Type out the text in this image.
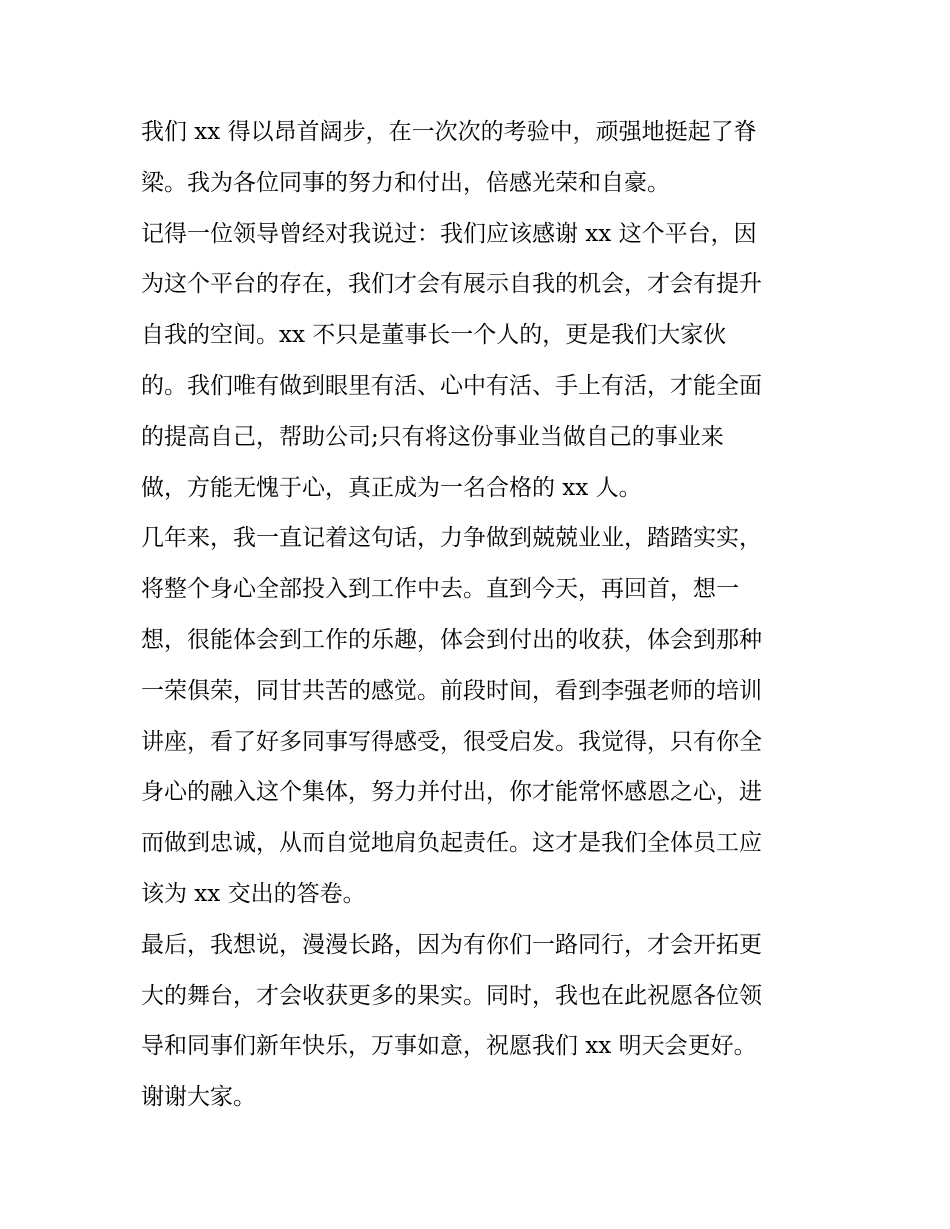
我们 xx 得以昂首阔步，在一次次的考验中，顽强地挺起了脊
梁。我为各位同事的努力和付出，倍感光荣和自豪。
记得一位领导曾经对我说过：我们应该感谢 xx 这个平台，因
为这个平台的存在，我们才会有展示自我的机会，才会有提升
自我的空间。xx 不只是董事长一个人的，更是我们大家伙
的。我们唯有做到眼里有活、心中有活、手上有活，才能全面
的提高自己，帮助公司;只有将这份事业当做自己的事业来
做，方能无愧于心，真正成为一名合格的 xx 人。
几年来，我一直记着这句话，力争做到兢兢业业，踏踏实实，
将整个身心全部投入到工作中去。直到今天，再回首，想一
想，很能体会到工作的乐趣，体会到付出的收获，体会到那种
一荣俱荣，同甘共苦的感觉。前段时间，看到李强老师的培训
讲座，看了好多同事写得感受，很受启发。我觉得，只有你全
身心的融入这个集体，努力并付出，你才能常怀感恩之心，进
而做到忠诚，从而自觉地肩负起责任。这才是我们全体员工应
该为 xx 交出的答卷。
最后，我想说，漫漫长路，因为有你们一路同行，才会开拓更
大的舞台，才会收获更多的果实。同时，我也在此祝愿各位领
导和同事们新年快乐，万事如意，祝愿我们 xx 明天会更好。
谢谢大家。
